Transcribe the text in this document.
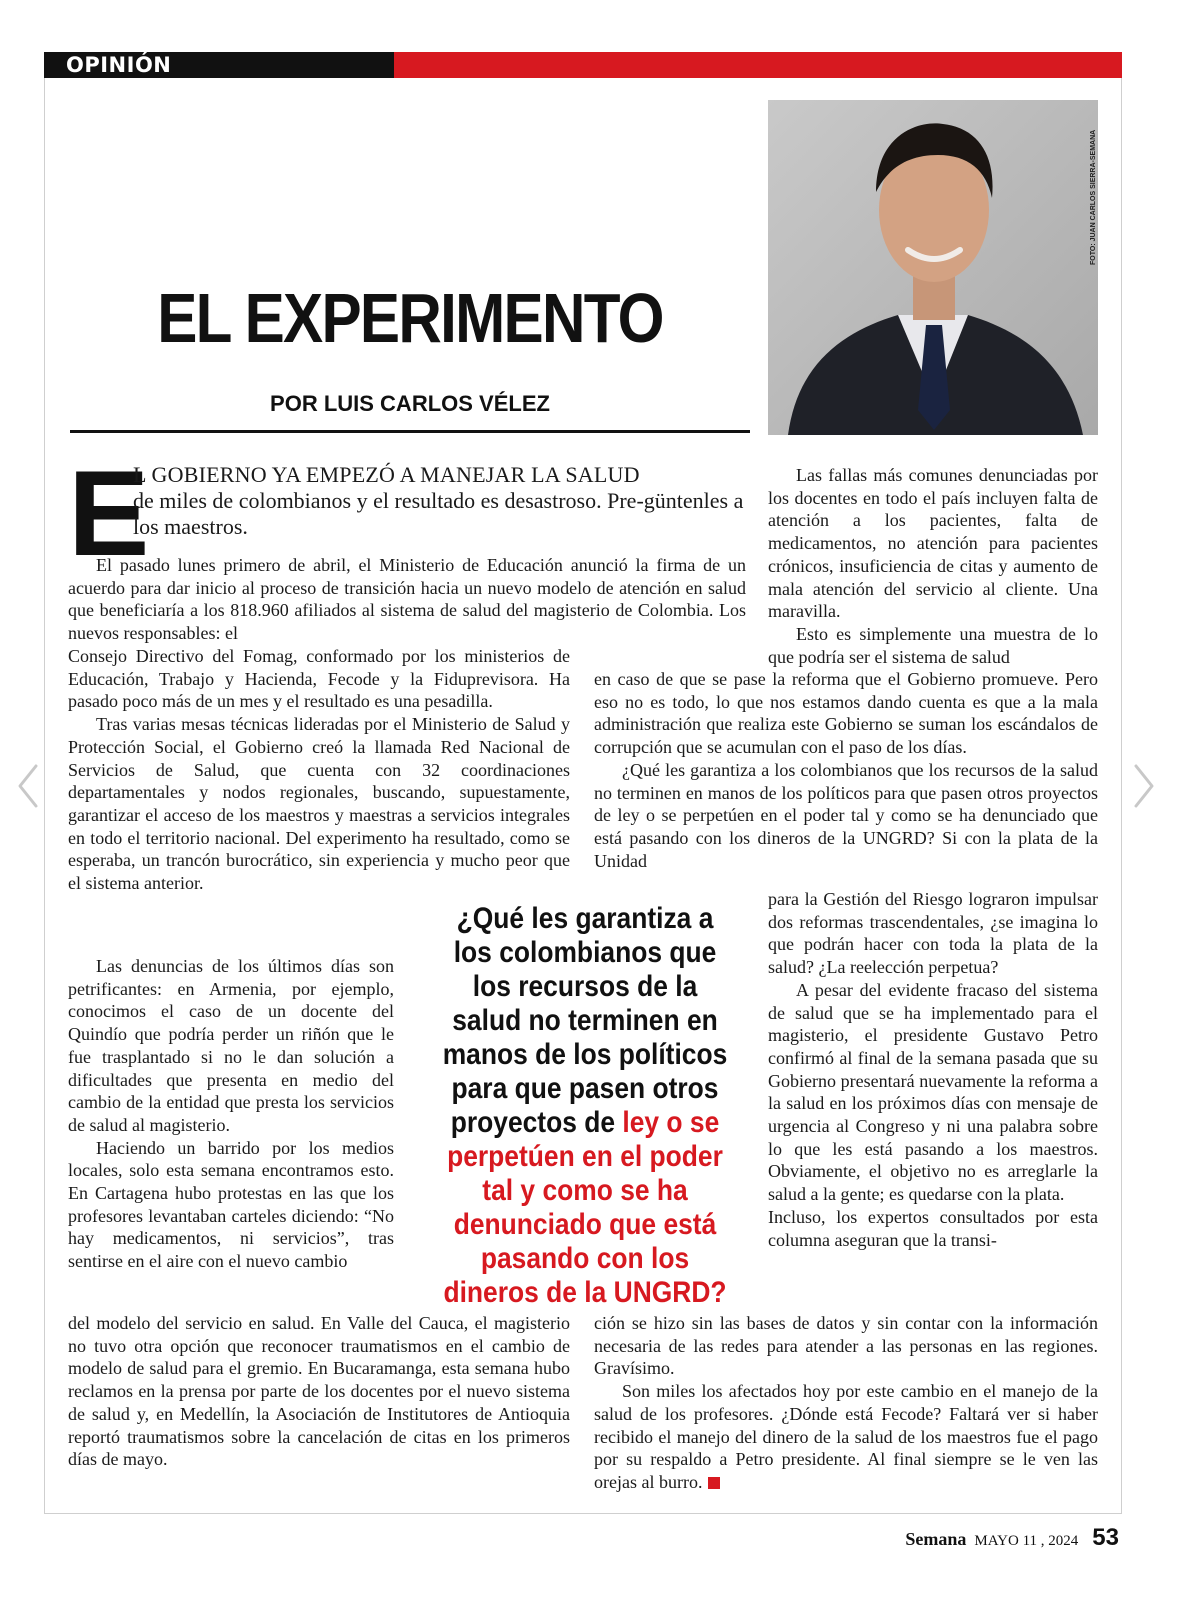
OPINIÓN
EL EXPERIMENTO
POR LUIS CARLOS VÉLEZ
FOTO: JUAN CARLOS SIERRA-SEMANA
E
L GOBIERNO YA EMPEZÓ A MANEJAR LA SALUD
de miles de colombianos y el resultado es desastroso. Pre-güntenles a los maestros.

El pasado lunes primero de abril, el Ministerio de Educación anunció la firma de un acuerdo para dar inicio al proceso de transición hacia un nuevo modelo de atención en salud que beneficiaría a los 818.960 afiliados al sistema de salud del magisterio de Colombia. Los nuevos responsables: el

Consejo Directivo del Fomag, conformado por los ministerios de Educación, Trabajo y Hacienda, Fecode y la Fiduprevisora. Ha pasado poco más de un mes y el resultado es una pesadilla.

Tras varias mesas técnicas lideradas por el Ministerio de Salud y Protección Social, el Gobierno creó la llamada Red Nacional de Servicios de Salud, que cuenta con 32 coordinaciones departamentales y nodos regionales, buscando, supuestamente, garantizar el acceso de los maestros y maestras a servicios integrales en todo el territorio nacional. Del experimento ha resultado, como se esperaba, un trancón burocrático, sin experiencia y mucho peor que el sistema anterior.

Las denuncias de los últimos días son petrificantes: en Armenia, por ejemplo, conocimos el caso de un docente del Quindío que podría perder un riñón que le fue trasplantado si no le dan solución a dificultades que presenta en medio del cambio de la entidad que presta los servicios de salud al magisterio.

Haciendo un barrido por los medios locales, solo esta semana encontramos esto. En Cartagena hubo protestas en las que los profesores levantaban carteles diciendo: “No hay medicamentos, ni servicios”, tras sentirse en el aire con el nuevo cambio

del modelo del servicio en salud. En Valle del Cauca, el magisterio no tuvo otra opción que reconocer traumatismos en el cambio de modelo de salud para el gremio. En Bucaramanga, esta semana hubo reclamos en la prensa por parte de los docentes por el nuevo sistema de salud y, en Medellín, la Asociación de Institutores de Antioquia reportó traumatismos sobre la cancelación de citas en los primeros días de mayo.

Las fallas más comunes denunciadas por los docentes en todo el país incluyen falta de atención a los pacientes, falta de medicamentos, no atención para pacientes crónicos, insuficiencia de citas y aumento de mala atención del servicio al cliente. Una maravilla.

Esto es simplemente una muestra de lo que podría ser el sistema de salud

en caso de que se pase la reforma que el Gobierno promueve. Pero eso no es todo, lo que nos estamos dando cuenta es que a la mala administración que realiza este Gobierno se suman los escándalos de corrupción que se acumulan con el paso de los días.

¿Qué les garantiza a los colombianos que los recursos de la salud no terminen en manos de los políticos para que pasen otros proyectos de ley o se perpetúen en el poder tal y como se ha denunciado que está pasando con los dineros de la UNGRD? Si con la plata de la Unidad

para la Gestión del Riesgo lograron impulsar dos reformas trascendentales, ¿se imagina lo que podrán hacer con toda la plata de la salud? ¿La reelección perpetua?

A pesar del evidente fracaso del sistema de salud que se ha implementado para el magisterio, el presidente Gustavo Petro confirmó al final de la semana pasada que su Gobierno presentará nuevamente la reforma a la salud en los próximos días con mensaje de urgencia al Congreso y ni una palabra sobre lo que les está pasando a los maestros. Obviamente, el objetivo no es arreglarle la salud a la gente; es quedarse con la plata.

Incluso, los expertos consultados por esta columna aseguran que la transi-

ción se hizo sin las bases de datos y sin contar con la información necesaria de las redes para atender a las personas en las regiones. Gravísimo.

Son miles los afectados hoy por este cambio en el manejo de la salud de los profesores. ¿Dónde está Fecode? Faltará ver si haber recibido el manejo del dinero de la salud de los maestros fue el pago por su respaldo a Petro presidente. Al final siempre se le ven las orejas al burro.

¿Qué les garantiza a los colombianos que los recursos de la salud no terminen en manos de los políticos para que pasen otros proyectos de ley o se perpetúen en el poder tal y como se ha denunciado que está pasando con los dineros de la UNGRD?
Semana MAYO 11 , 2024 53
